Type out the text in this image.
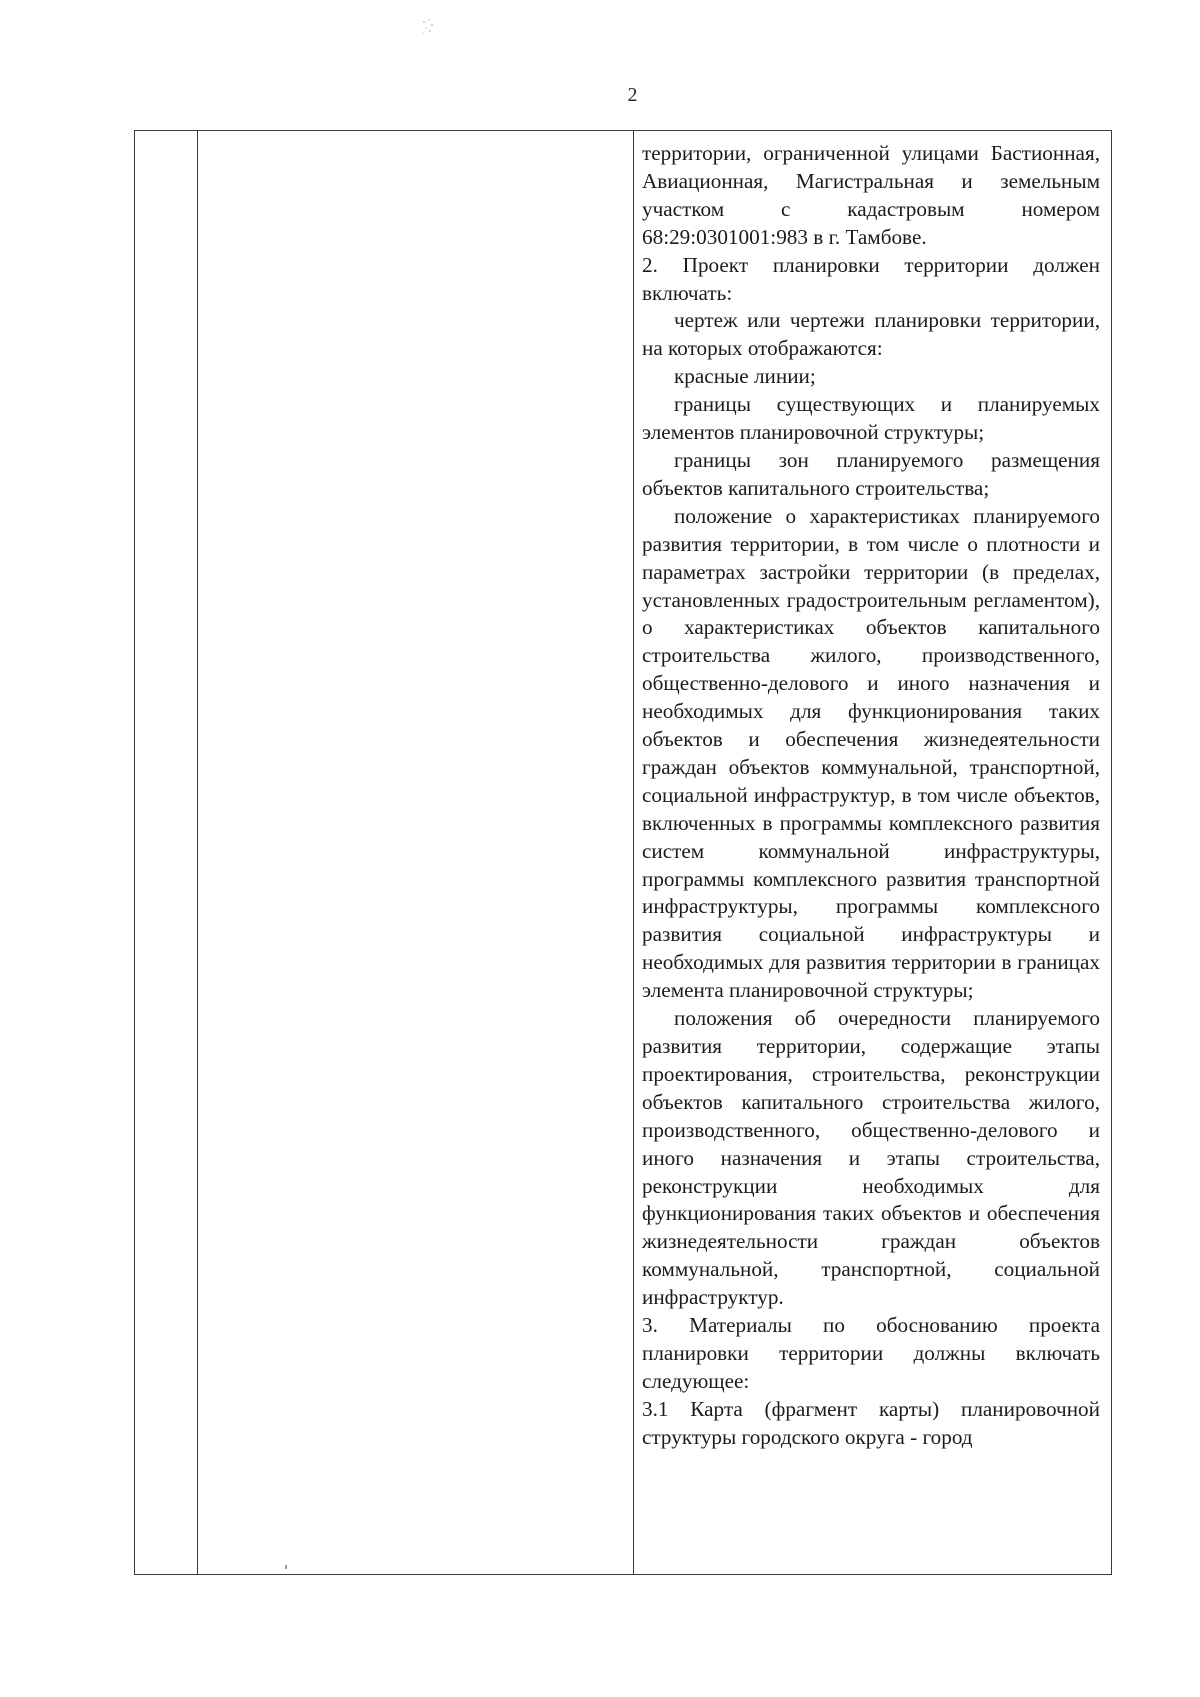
2

территории, ограниченной улицами Бастионная, Авиационная, Магистральная и земельным участком с кадастровым номером 68:29:0301001:983 в г. Тамбове.

2. Проект планировки территории должен включать:

чертеж или чертежи планировки территории, на которых отображаются:

красные линии;

границы существующих и планируемых элементов планировочной структуры;

границы зон планируемого размещения объектов капитального строительства;

положение о характеристиках планируемого развития территории, в том числе о плотности и параметрах застройки территории (в пределах, установленных градостроительным регламентом), о характеристиках объектов капитального строительства жилого, производственного, общественно-делового и иного назначения и необходимых для функционирования таких объектов и обеспечения жизнедеятельности граждан объектов коммунальной, транспортной, социальной инфраструктур, в том числе объектов, включенных в программы комплексного развития систем коммунальной инфраструктуры, программы комплексного развития транспортной инфраструктуры, программы комплексного развития социальной инфраструктуры и необходимых для развития территории в границах элемента планировочной структуры;

положения об очередности планируемого развития территории, содержащие этапы проектирования, строительства, реконструкции объектов капитального строительства жилого, производственного, общественно-делового и иного назначения и этапы строительства, реконструкции необходимых для функционирования таких объектов и обеспечения жизнедеятельности граждан объектов коммунальной, транспортной, социальной инфраструктур.

3. Материалы по обоснованию проекта планировки территории должны включать следующее:

3.1 Карта (фрагмент карты) планировочной структуры городского округа - город
